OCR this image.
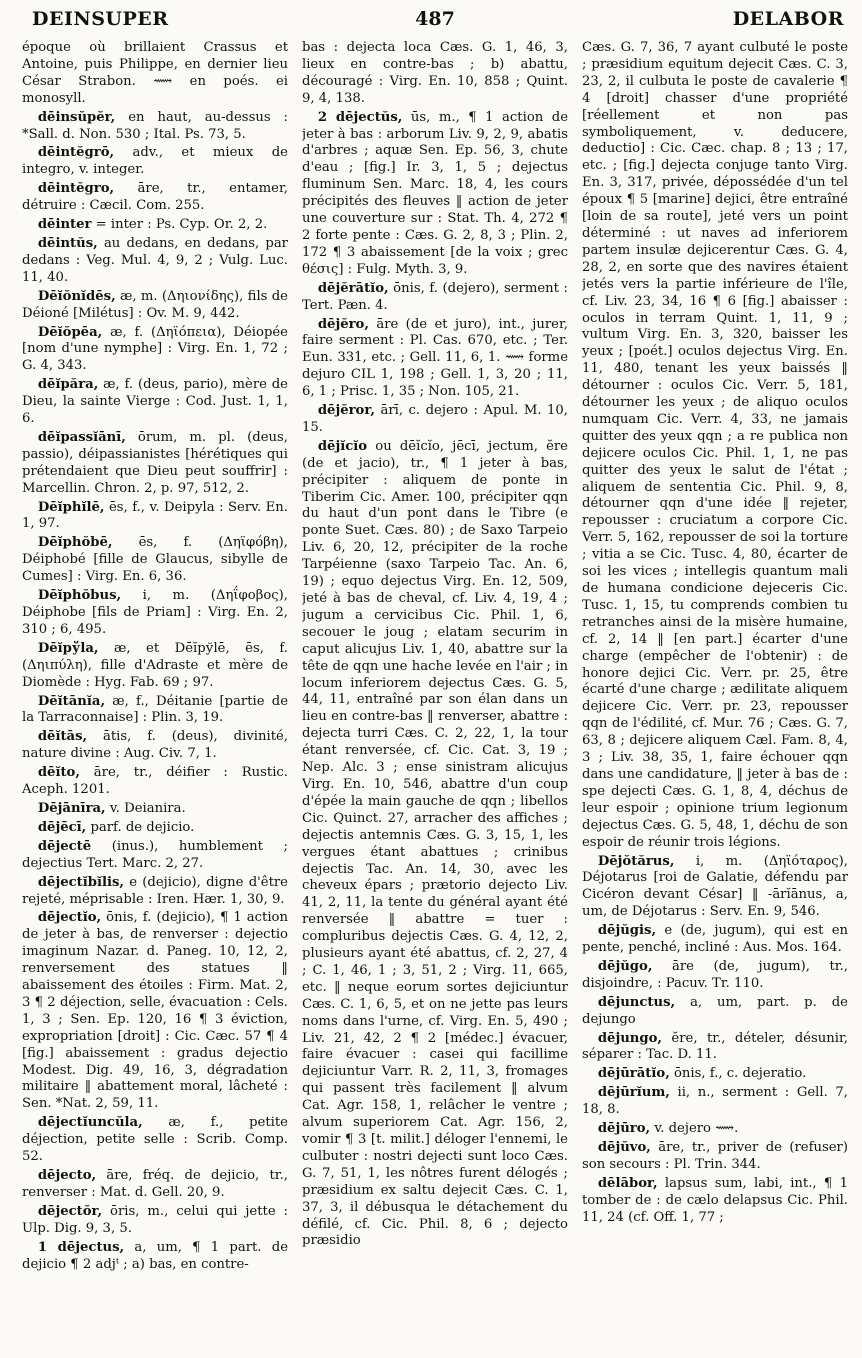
DEINSUPER	487	DELABOR

époque où brillaient Crassus et Antoine, puis Philippe, en dernier lieu César Strabon. ⟿ en poés. ei monosyll.

dēinsŭpĕr, en haut, au-dessus : *Sall. d. Non. 530 ; Ital. Ps. 73, 5.

dēintĕgrō, adv., et mieux de integro, v. integer.

dēintĕgro, āre, tr., entamer, détruire : Cæcil. Com. 255.

dēinter = inter : Ps. Cyp. Or. 2, 2.

dēintŭs, au dedans, en dedans, par dedans : Veg. Mul. 4, 9, 2 ; Vulg. Luc. 11, 40.

Dēĭŏnĭdēs, æ, m. (Δηιονίδης), fils de Déioné [Milétus] : Ov. M. 9, 442.

Dēĭŏpēa, æ, f. (Δηϊόπεια), Déiopée [nom d'une nymphe] : Virg. En. 1, 72 ; G. 4, 343.

dēĭpăra, æ, f. (deus, pario), mère de Dieu, la sainte Vierge : Cod. Just. 1, 1, 6.

dēĭpassĭānī, ōrum, m. pl. (deus, passio), déipassianistes [hérétiques qui prétendaient que Dieu peut souffrir] : Marcellin. Chron. 2, p. 97, 512, 2.

Dēĭphĭlē, ēs, f., v. Deipyla : Serv. En. 1, 97.

Dēĭphŏbē, ēs, f. (Δηϊφόβη), Déiphobé [fille de Glaucus, sibylle de Cumes] : Virg. En. 6, 36.

Dēĭphŏbus, i, m. (Δηΐφοβος), Déiphobe [fils de Priam] : Virg. En. 2, 310 ; 6, 495.

Dēĭpўla, æ, et Dēĭpўlē, ēs, f. (Δηιπύλη), fille d'Adraste et mère de Diomède : Hyg. Fab. 69 ; 97.

Dēĭtānĭa, æ, f., Déitanie [partie de la Tarraconnaise] : Plin. 3, 19.

dēĭtās, ātis, f. (deus), divinité, nature divine : Aug. Civ. 7, 1.

dēĭto, āre, tr., déifier : Rustic. Aceph. 1201.

Dējānīra, v. Deianira.

dējēcī, parf. de dejicio.

dējectē (inus.), humblement ; dejectius Tert. Marc. 2, 27.

dējectĭbĭlis, e (dejicio), digne d'être rejeté, méprisable : Iren. Hær. 1, 30, 9.

dējectĭo, ōnis, f. (dejicio), ¶ 1 action de jeter à bas, de renverser : dejectio imaginum Nazar. d. Paneg. 10, 12, 2, renversement des statues ‖ abaissement des étoiles : Firm. Mat. 2, 3 ¶ 2 déjection, selle, évacuation : Cels. 1, 3 ; Sen. Ep. 120, 16 ¶ 3 éviction, expropriation [droit] : Cic. Cæc. 57 ¶ 4 [fig.] abaissement : gradus dejectio Modest. Dig. 49, 16, 3, dégradation militaire ‖ abattement moral, lâcheté : Sen. *Nat. 2, 59, 11.

dējectĭuncŭla, æ, f., petite déjection, petite selle : Scrib. Comp. 52.

dējecto, āre, fréq. de dejicio, tr., renverser : Mat. d. Gell. 20, 9.

dējectŏr, ōris, m., celui qui jette : Ulp. Dig. 9, 3, 5.

1 dējectus, a, um, ¶ 1 part. de dejicio ¶ 2 adjᵗ ; a) bas, en contre-

bas : dejecta loca Cæs. G. 1, 46, 3, lieux en contre-bas ; b) abattu, découragé : Virg. En. 10, 858 ; Quint. 9, 4, 138.

2 dējectŭs, ūs, m., ¶ 1 action de jeter à bas : arborum Liv. 9, 2, 9, abatis d'arbres ; aquæ Sen. Ep. 56, 3, chute d'eau ; [fig.] Ir. 3, 1, 5 ; dejectus fluminum Sen. Marc. 18, 4, les cours précipités des fleuves ‖ action de jeter une couverture sur : Stat. Th. 4, 272 ¶ 2 forte pente : Cæs. G. 2, 8, 3 ; Plin. 2, 172 ¶ 3 abaissement [de la voix ; grec θέσις] : Fulg. Myth. 3, 9.

dējĕrātĭo, ōnis, f. (dejero), serment : Tert. Pæn. 4.

dējĕro, āre (de et juro), int., jurer, faire serment : Pl. Cas. 670, etc. ; Ter. Eun. 331, etc. ; Gell. 11, 6, 1. ⟿ forme dejuro CIL 1, 198 ; Gell. 1, 3, 20 ; 11, 6, 1 ; Prisc. 1, 35 ; Non. 105, 21.

dējĕror, ārī, c. dejero : Apul. M. 10, 15.

dējĭcĭo ou dēĭcĭo, jēcī, jectum, ĕre (de et jacio), tr., ¶ 1 jeter à bas, précipiter : aliquem de ponte in Tiberim Cic. Amer. 100, précipiter qqn du haut d'un pont dans le Tibre (e ponte Suet. Cæs. 80) ; de Saxo Tarpeio Liv. 6, 20, 12, précipiter de la roche Tarpéienne (saxo Tarpeio Tac. An. 6, 19) ; equo dejectus Virg. En. 12, 509, jeté à bas de cheval, cf. Liv. 4, 19, 4 ; jugum a cervicibus Cic. Phil. 1, 6, secouer le joug ; elatam securim in caput alicujus Liv. 1, 40, abattre sur la tête de qqn une hache levée en l'air ; in locum inferiorem dejectus Cæs. G. 5, 44, 11, entraîné par son élan dans un lieu en contre-bas ‖ renverser, abattre : dejecta turri Cæs. C. 2, 22, 1, la tour étant renversée, cf. Cic. Cat. 3, 19 ; Nep. Alc. 3 ; ense sinistram alicujus Virg. En. 10, 546, abattre d'un coup d'épée la main gauche de qqn ; libellos Cic. Quinct. 27, arracher des affiches ; dejectis antemnis Cæs. G. 3, 15, 1, les vergues étant abattues ; crinibus dejectis Tac. An. 14, 30, avec les cheveux épars ; prætorio dejecto Liv. 41, 2, 11, la tente du général ayant été renversée ‖ abattre = tuer : compluribus dejectis Cæs. G. 4, 12, 2, plusieurs ayant été abattus, cf. 2, 27, 4 ; C. 1, 46, 1 ; 3, 51, 2 ; Virg. 11, 665, etc. ‖ neque eorum sortes dejiciuntur Cæs. C. 1, 6, 5, et on ne jette pas leurs noms dans l'urne, cf. Virg. En. 5, 490 ; Liv. 21, 42, 2 ¶ 2 [médec.] évacuer, faire évacuer : casei qui facillime dejiciuntur Varr. R. 2, 11, 3, fromages qui passent très facilement ‖ alvum Cat. Agr. 158, 1, relâcher le ventre ; alvum superiorem Cat. Agr. 156, 2, vomir ¶ 3 [t. milit.] déloger l'ennemi, le culbuter : nostri dejecti sunt loco Cæs. G. 7, 51, 1, les nôtres furent délogés ; præsidium ex saltu dejecit Cæs. C. 1, 37, 3, il débusqua le détachement du défilé, cf. Cic. Phil. 8, 6 ; dejecto præsidio

Cæs. G. 7, 36, 7 ayant culbuté le poste ; præsidium equitum dejecit Cæs. C. 3, 23, 2, il culbuta le poste de cavalerie ¶ 4 [droit] chasser d'une propriété [réellement et non pas symboliquement, v. deducere, deductio] : Cic. Cæc. chap. 8 ; 13 ; 17, etc. ; [fig.] dejecta conjuge tanto Virg. En. 3, 317, privée, dépossédée d'un tel époux ¶ 5 [marine] dejici, être entraîné [loin de sa route], jeté vers un point déterminé : ut naves ad inferiorem partem insulæ dejicerentur Cæs. G. 4, 28, 2, en sorte que des navires étaient jetés vers la partie inférieure de l'île, cf. Liv. 23, 34, 16 ¶ 6 [fig.] abaisser : oculos in terram Quint. 1, 11, 9 ; vultum Virg. En. 3, 320, baisser les yeux ; [poét.] oculos dejectus Virg. En. 11, 480, tenant les yeux baissés ‖ détourner : oculos Cic. Verr. 5, 181, détourner les yeux ; de aliquo oculos numquam Cic. Verr. 4, 33, ne jamais quitter des yeux qqn ; a re publica non dejicere oculos Cic. Phil. 1, 1, ne pas quitter des yeux le salut de l'état ; aliquem de sententia Cic. Phil. 9, 8, détourner qqn d'une idée ‖ rejeter, repousser : cruciatum a corpore Cic. Verr. 5, 162, repousser de soi la torture ; vitia a se Cic. Tusc. 4, 80, écarter de soi les vices ; intellegis quantum mali de humana condicione dejeceris Cic. Tusc. 1, 15, tu comprends combien tu retranches ainsi de la misère humaine, cf. 2, 14 ‖ [en part.] écarter d'une charge (empêcher de l'obtenir) : de honore dejici Cic. Verr. pr. 25, être écarté d'une charge ; ædilitate aliquem dejicere Cic. Verr. pr. 23, repousser qqn de l'édilité, cf. Mur. 76 ; Cæs. G. 7, 63, 8 ; dejicere aliquem Cæl. Fam. 8, 4, 3 ; Liv. 38, 35, 1, faire échouer qqn dans une candidature, ‖ jeter à bas de : spe dejecti Cæs. G. 1, 8, 4, déchus de leur espoir ; opinione trium legionum dejectus Cæs. G. 5, 48, 1, déchu de son espoir de réunir trois légions.

Dējŏtărus, i, m. (Δηϊόταρος), Déjotarus [roi de Galatie, défendu par Cicéron devant César] ‖ -ārĭānus, a, um, de Déjotarus : Serv. En. 9, 546.

dējŭgis, e (de, jugum), qui est en pente, penché, incliné : Aus. Mos. 164.

dējŭgo, āre (de, jugum), tr., disjoindre, : Pacuv. Tr. 110.

dējunctus, a, um, part. p. de dejungo

dējungo, ĕre, tr., dételer, désunir, séparer : Tac. D. 11.

dējūrātĭo, ōnis, f., c. dejeratio.

dējūrĭum, ii, n., serment : Gell. 7, 18, 8.

dējūro, v. dejero ⟿.

dējŭvo, āre, tr., priver de (refuser) son secours : Pl. Trin. 344.

dēlābor, lapsus sum, labi, int., ¶ 1 tomber de : de cælo delapsus Cic. Phil. 11, 24 (cf. Off. 1, 77 ;
